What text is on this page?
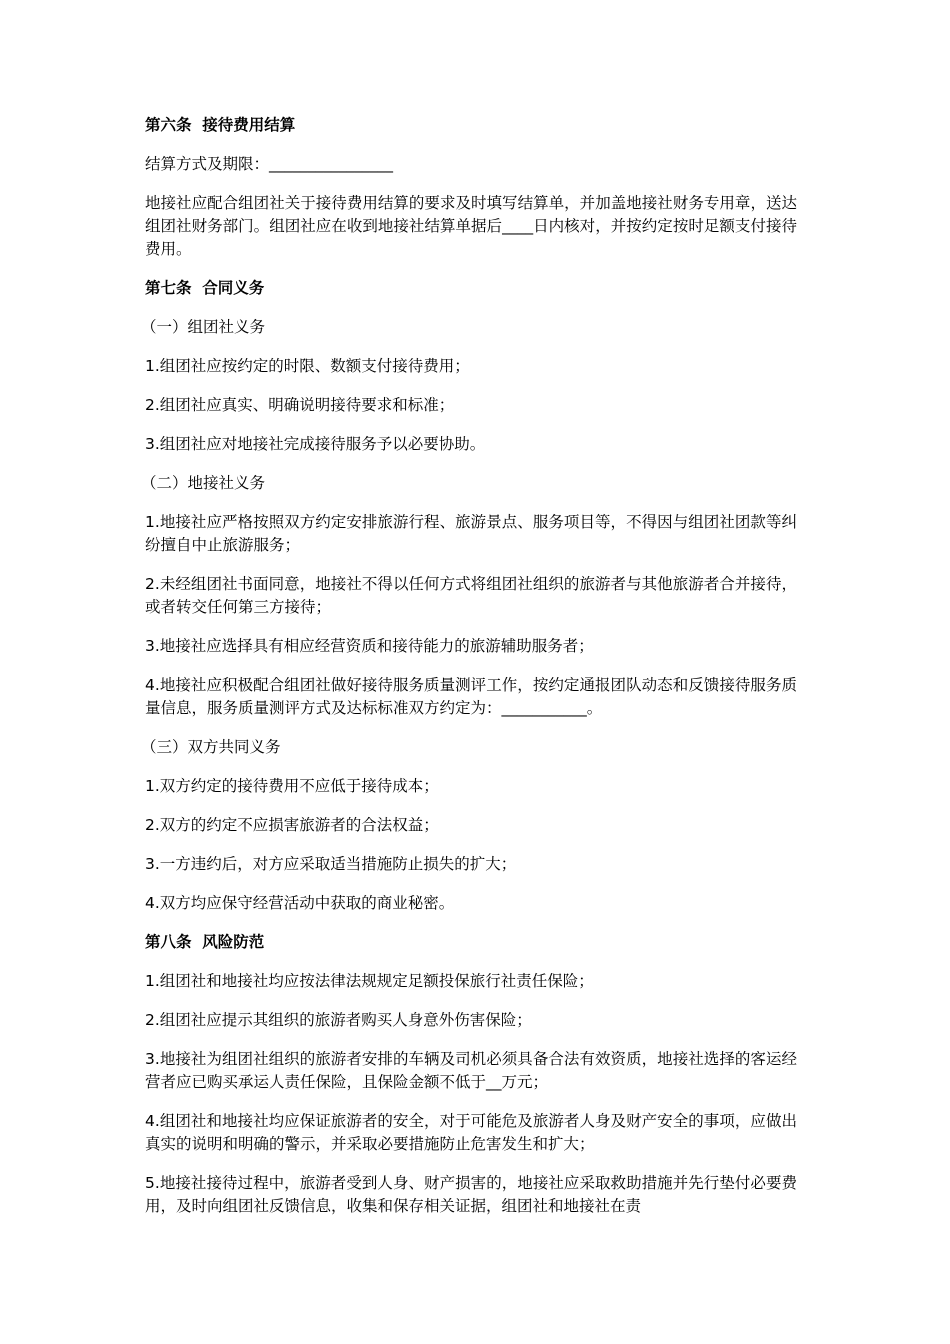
第六条  接待费用结算

结算方式及期限：________________

地接社应配合组团社关于接待费用结算的要求及时填写结算单，并加盖地接社财务专用章，送达组团社财务部门。组团社应在收到地接社结算单据后____日内核对，并按约定按时足额支付接待费用。

第七条  合同义务

（一）组团社义务

1.组团社应按约定的时限、数额支付接待费用；

2.组团社应真实、明确说明接待要求和标准；

3.组团社应对地接社完成接待服务予以必要协助。

（二）地接社义务

1.地接社应严格按照双方约定安排旅游行程、旅游景点、服务项目等，不得因与组团社团款等纠纷擅自中止旅游服务；

2.未经组团社书面同意，地接社不得以任何方式将组团社组织的旅游者与其他旅游者合并接待，或者转交任何第三方接待；

3.地接社应选择具有相应经营资质和接待能力的旅游辅助服务者；

4.地接社应积极配合组团社做好接待服务质量测评工作，按约定通报团队动态和反馈接待服务质量信息，服务质量测评方式及达标标准双方约定为：___________。

（三）双方共同义务

1.双方约定的接待费用不应低于接待成本；

2.双方的约定不应损害旅游者的合法权益；

3.一方违约后，对方应采取适当措施防止损失的扩大；

4.双方均应保守经营活动中获取的商业秘密。

第八条  风险防范

1.组团社和地接社均应按法律法规规定足额投保旅行社责任保险；

2.组团社应提示其组织的旅游者购买人身意外伤害保险；

3.地接社为组团社组织的旅游者安排的车辆及司机必须具备合法有效资质，地接社选择的客运经营者应已购买承运人责任保险，且保险金额不低于__万元；

4.组团社和地接社均应保证旅游者的安全，对于可能危及旅游者人身及财产安全的事项，应做出真实的说明和明确的警示，并采取必要措施防止危害发生和扩大；

5.地接社接待过程中，旅游者受到人身、财产损害的，地接社应采取救助措施并先行垫付必要费用，及时向组团社反馈信息，收集和保存相关证据，组团社和地接社在责
